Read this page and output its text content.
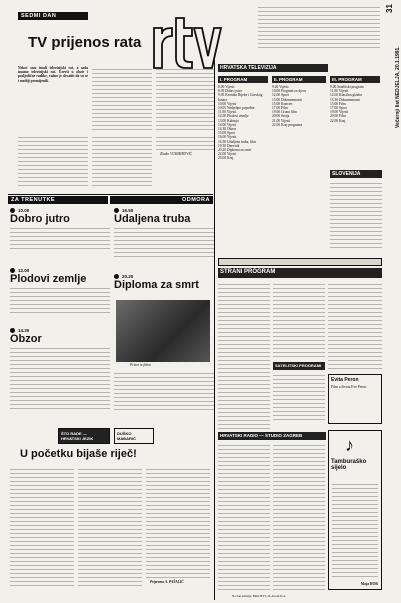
Večernji list NEDJELJA, 20.1.1991.
31
SEDMI DAN
TV prijenos rata
Nekoć smo imali televizijski rat, a sada imamo televizijski rat. Uzevši u obzir i posljedične razlike, važno je shvatiti da su se i mediji promijenili.
Zlatko VUKMIROVIĆ
ZA TRENUTKE	ODMORA
10.00
Dobro jutro
12.00
Plodovi zemlje
14.30
Obzor
16.50
Udaljena truba
20.20
Diploma za smrt
Prizor iz filma
ŠTO RADE — HRVATSKI JEZIK
DUŠKO MAĐARIĆ
U početku bijaše riječ!
Priprema A. PAŠALIĆ
HRVATSKA TELEVIZIJA
I. PROGRAM
8.00 Vijesti
8.05 Dobro jutro
9.05 Kronika Rijeke i Gorskog kotara
10.00 Vijesti
10.05 Nedjeljno popodne
11.00 Vijesti
12.00 Plodovi zemlje
13.00 Kuhinja
14.00 Vijesti
14.30 Obzor
15.00 Sport
16.00 Vijesti
16.50 Udaljena truba, film
19.30 Dnevnik
20.20 Diploma za smrt
22.00 Vijesti
23.00 Kraj
II. PROGRAM
9.20 Vijesti
10.00 Program za djecu
12.00 Sport
13.00 Dokumentarni
15.00 Koncert
17.00 Film
19.00 Crtani film
20.00 Serija
21.00 Vijesti
22.00 Kraj programa
III. PROGRAM
9.00 Satelitski program
11.00 Vijesti
12.00 Klasična glazba
13.30 Dokumentarni
15.00 Film
17.00 Sport
19.00 Vijesti
20.00 Film
22.00 Kraj
SLOVENIJA
STRANI PROGRAM
SATELITSKI PROGRAMI
Evita Peron
Film o životu Eve Peron.
HRVATSKI RADIO — STUDIO ZAGREB	♪
Tamburaško sijelo
Maja HOR
Na dan emisija: BROJEVI, SLAGALICA
